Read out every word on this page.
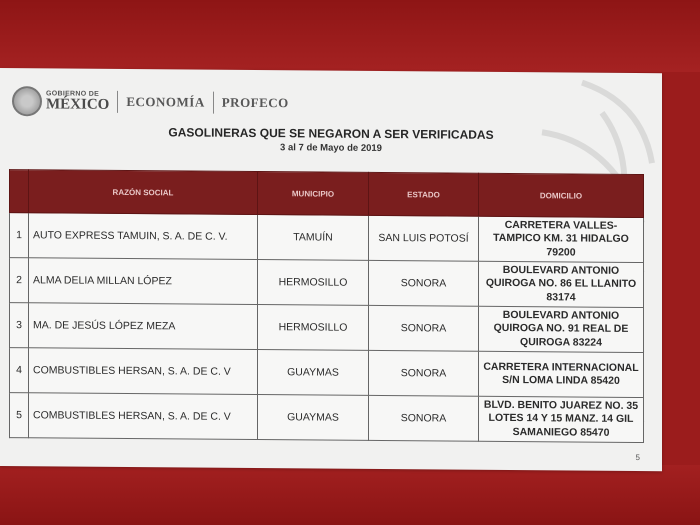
GOBIERNO DE
MÉXICO ECONOMÍA PROFECO
GASOLINERAS QUE SE NEGARON A SER VERIFICADAS
3 al 7 de Mayo de 2019
	RAZÓN SOCIAL	MUNICIPIO	ESTADO	DOMICILIO
1	AUTO EXPRESS TAMUIN, S. A. DE C. V.	TAMUÍN	SAN LUIS POTOSÍ	CARRETERA VALLES-TAMPICO KM. 31 HIDALGO 79200
2	ALMA DELIA MILLAN LÓPEZ	HERMOSILLO	SONORA	BOULEVARD ANTONIO QUIROGA NO. 86 EL LLANITO 83174
3	MA. DE JESÚS LÓPEZ MEZA	HERMOSILLO	SONORA	BOULEVARD ANTONIO QUIROGA NO. 91 REAL DE QUIROGA 83224
4	COMBUSTIBLES HERSAN, S. A. DE C. V	GUAYMAS	SONORA	CARRETERA INTERNACIONAL S/N LOMA LINDA 85420
5	COMBUSTIBLES HERSAN, S. A. DE C. V	GUAYMAS	SONORA	BLVD. BENITO JUAREZ NO. 35 LOTES 14 Y 15 MANZ. 14 GIL SAMANIEGO 85470
5
